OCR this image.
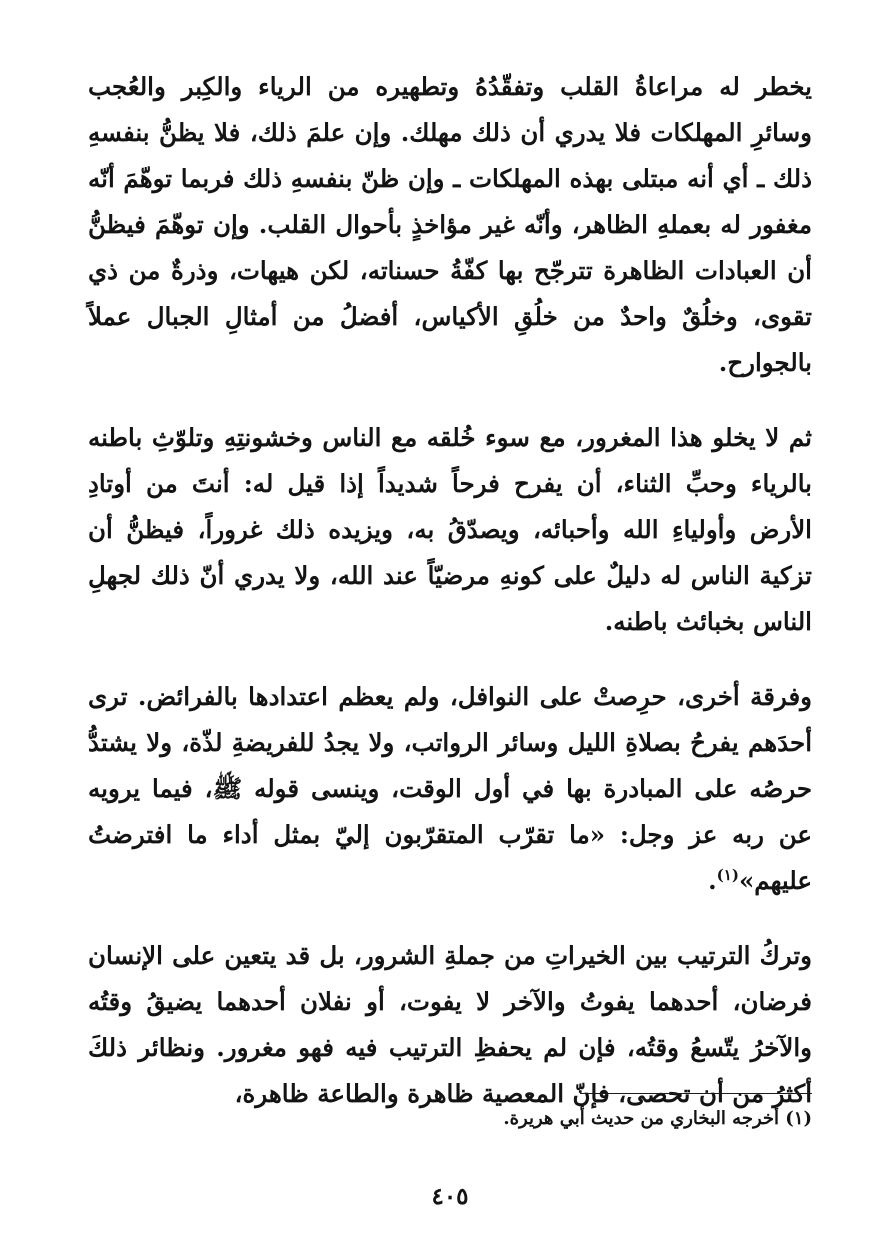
يخطر له مراعاةُ القلب وتفقّدُهُ وتطهيره من الرياء والكِبر والعُجب وسائرِ المهلكات فلا يدري أن ذلك مهلك. وإن علمَ ذلك، فلا يظنُّ بنفسهِ ذلك ـ أي أنه مبتلى بهذه المهلكات ـ وإن ظنّ بنفسهِ ذلك فربما توهّمَ أنّه مغفور له بعملهِ الظاهر، وأنّه غير مؤاخذٍ بأحوال القلب. وإن توهّمَ فيظنُّ أن العبادات الظاهرة تترجّح بها كفّةُ حسناته، لكن هيهات، وذرةٌ من ذي تقوى، وخلُقٌ واحدٌ من خلُقِ الأكياس، أفضلُ من أمثالِ الجبال عملاً بالجوارح.

ثم لا يخلو هذا المغرور، مع سوء خُلقه مع الناس وخشونتِهِ وتلوّثِ باطنه بالرياء وحبِّ الثناء، أن يفرح فرحاً شديداً إذا قيل له: أنتَ من أوتادِ الأرض وأولياءِ الله وأحبائه، ويصدّقُ به، ويزيده ذلك غروراً، فيظنُّ أن تزكية الناس له دليلٌ على كونهِ مرضيّاً عند الله، ولا يدري أنّ ذلك لجهلِ الناس بخبائث باطنه.

وفرقة أخرى، حرِصتْ على النوافل، ولم يعظم اعتدادها بالفرائض. ترى أحدَهم يفرحُ بصلاةِ الليل وسائر الرواتب، ولا يجدُ للفريضةِ لذّة، ولا يشتدُّ حرصُه على المبادرة بها في أول الوقت، وينسى قوله ﷺ، فيما يرويه عن ربه عز وجل: «ما تقرّب المتقرّبون إليّ بمثل أداء ما افترضتُ عليهم»$^{(١)}$.

وتركُ الترتيب بين الخيراتِ من جملةِ الشرور، بل قد يتعين على الإنسان فرضان، أحدهما يفوتُ والآخر لا يفوت، أو نفلان أحدهما يضيقُ وقتُه والآخرُ يتّسعُ وقتُه، فإن لم يحفظِ الترتيب فيه فهو مغرور. ونظائر ذلكَ أكثرُ من أن تحصى، فإنّ المعصية ظاهرة والطاعة ظاهرة،

(١) أخرجه البخاري من حديث أبي هريرة.

٤٠٥
